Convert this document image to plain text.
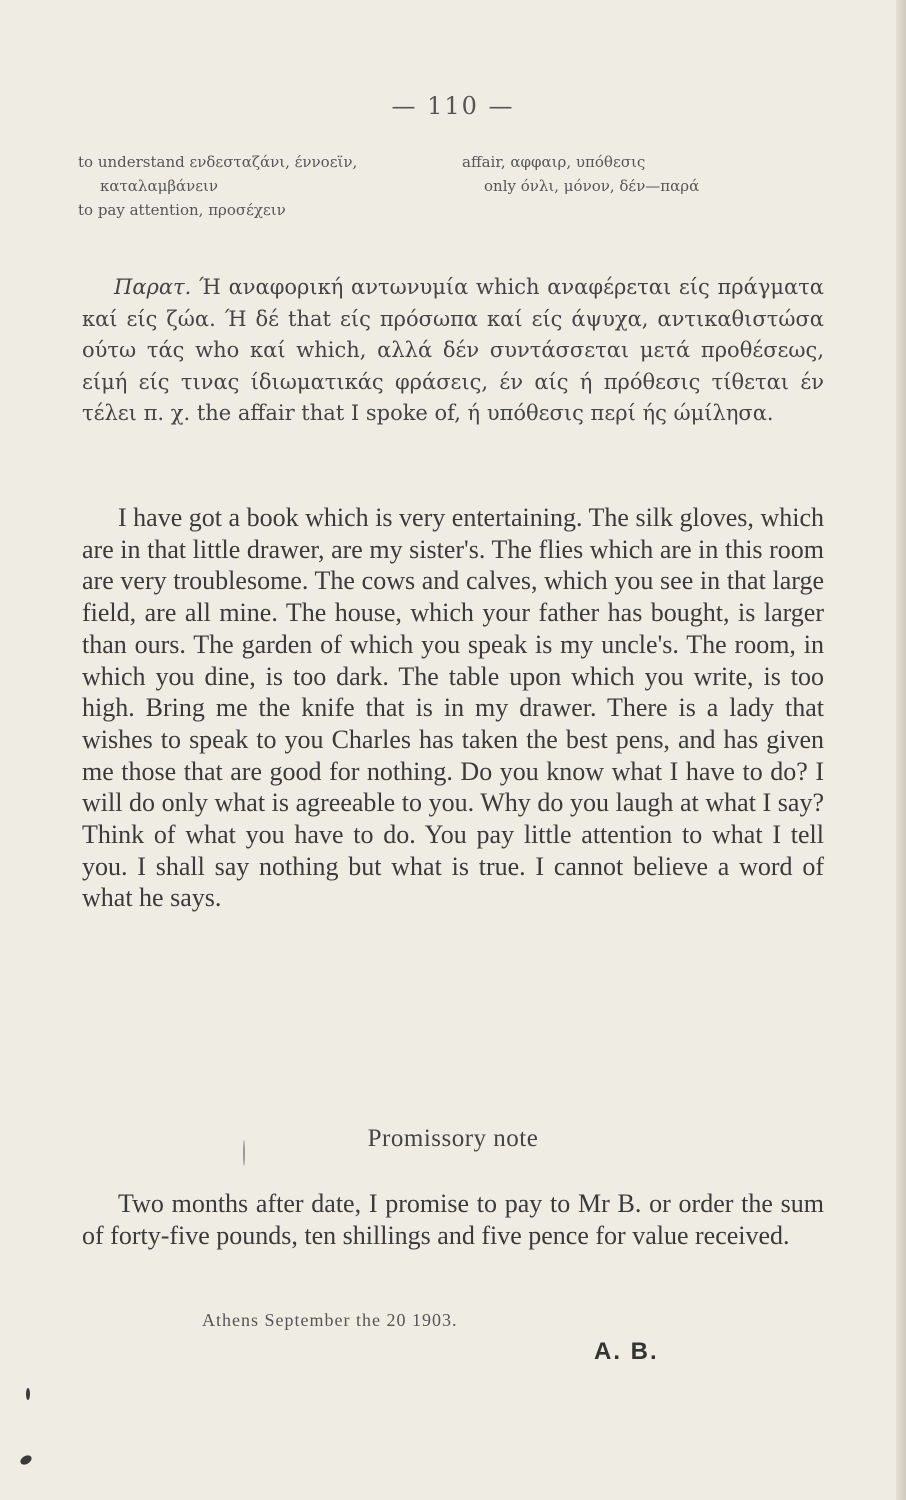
— 110 —
to understand ενδεσταζάνι, έννοεϊν,	affair, αφφαιρ, υπόθεσις
καταλαμβάνειν	only όνλι, μόνον, δέν—παρά
to pay attention, προσέχειν
Παρατ. Ή αναφορική αντωνυμία which αναφέρεται είς πράγματα καί είς ζώα. Ή δέ that είς πρόσωπα καί είς άψυχα, αντικαθιστώσα ούτω τάς who καί which, αλλά δέν συντάσσεται μετά προθέσεως, είμή είς τινας ίδιωματικάς φράσεις, έν αίς ή πρόθεσις τίθεται έν τέλει π. χ. the affair that I spoke of, ή υπόθεσις περί ής ώμίλησα.
I have got a book which is very entertaining. The silk gloves, which are in that little drawer, are my sister's. The flies which are in this room are very troublesome. The cows and calves, which you see in that large field, are all mine. The house, which your father has bought, is larger than ours. The garden of which you speak is my uncle's. The room, in which you dine, is too dark. The table upon which you write, is too high. Bring me the knife that is in my drawer. There is a lady that wishes to speak to you Charles has taken the best pens, and has given me those that are good for nothing. Do you know what I have to do? I will do only what is agreeable to you. Why do you laugh at what I say? Think of what you have to do. You pay little attention to what I tell you. I shall say nothing but what is true. I cannot believe a word of what he says.
Promissory note
Two months after date, I promise to pay to Mr B. or order the sum of forty-five pounds, ten shillings and five pence for value received.
Athens September the 20 1903.
A. B.
